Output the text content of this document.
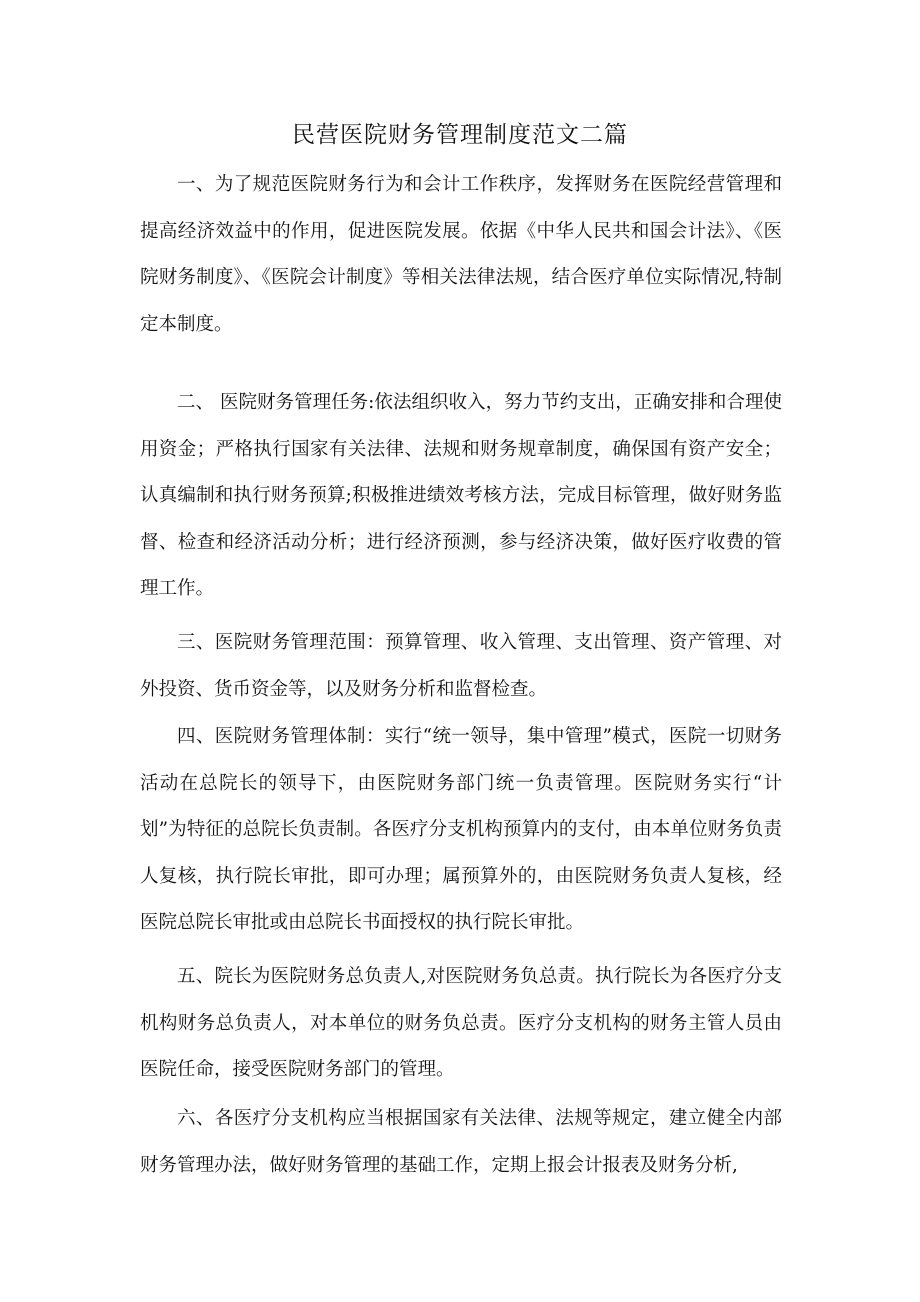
民营医院财务管理制度范文二篇

一、为了规范医院财务行为和会计工作秩序，发挥财务在医院经营管理和提高经济效益中的作用，促进医院发展。依据《中华人民共和国会计法》、《医院财务制度》、《医院会计制度》等相关法律法规，结合医疗单位实际情况,特制定本制度。

二、 医院财务管理任务:依法组织收入，努力节约支出，正确安排和合理使用资金；严格执行国家有关法律、法规和财务规章制度，确保国有资产安全；认真编制和执行财务预算;积极推进绩效考核方法，完成目标管理，做好财务监督、检查和经济活动分析；进行经济预测，参与经济决策，做好医疗收费的管理工作。

三、医院财务管理范围：预算管理、收入管理、支出管理、资产管理、对外投资、货币资金等，以及财务分析和监督检查。

四、医院财务管理体制：实行“统一领导，集中管理”模式，医院一切财务活动在总院长的领导下，由医院财务部门统一负责管理。医院财务实行“计划”为特征的总院长负责制。各医疗分支机构预算内的支付，由本单位财务负责人复核，执行院长审批，即可办理；属预算外的，由医院财务负责人复核，经医院总院长审批或由总院长书面授权的执行院长审批。

五、院长为医院财务总负责人,对医院财务负总责。执行院长为各医疗分支机构财务总负责人，对本单位的财务负总责。医疗分支机构的财务主管人员由医院任命，接受医院财务部门的管理。

六、各医疗分支机构应当根据国家有关法律、法规等规定，建立健全内部财务管理办法，做好财务管理的基础工作，定期上报会计报表及财务分析,
